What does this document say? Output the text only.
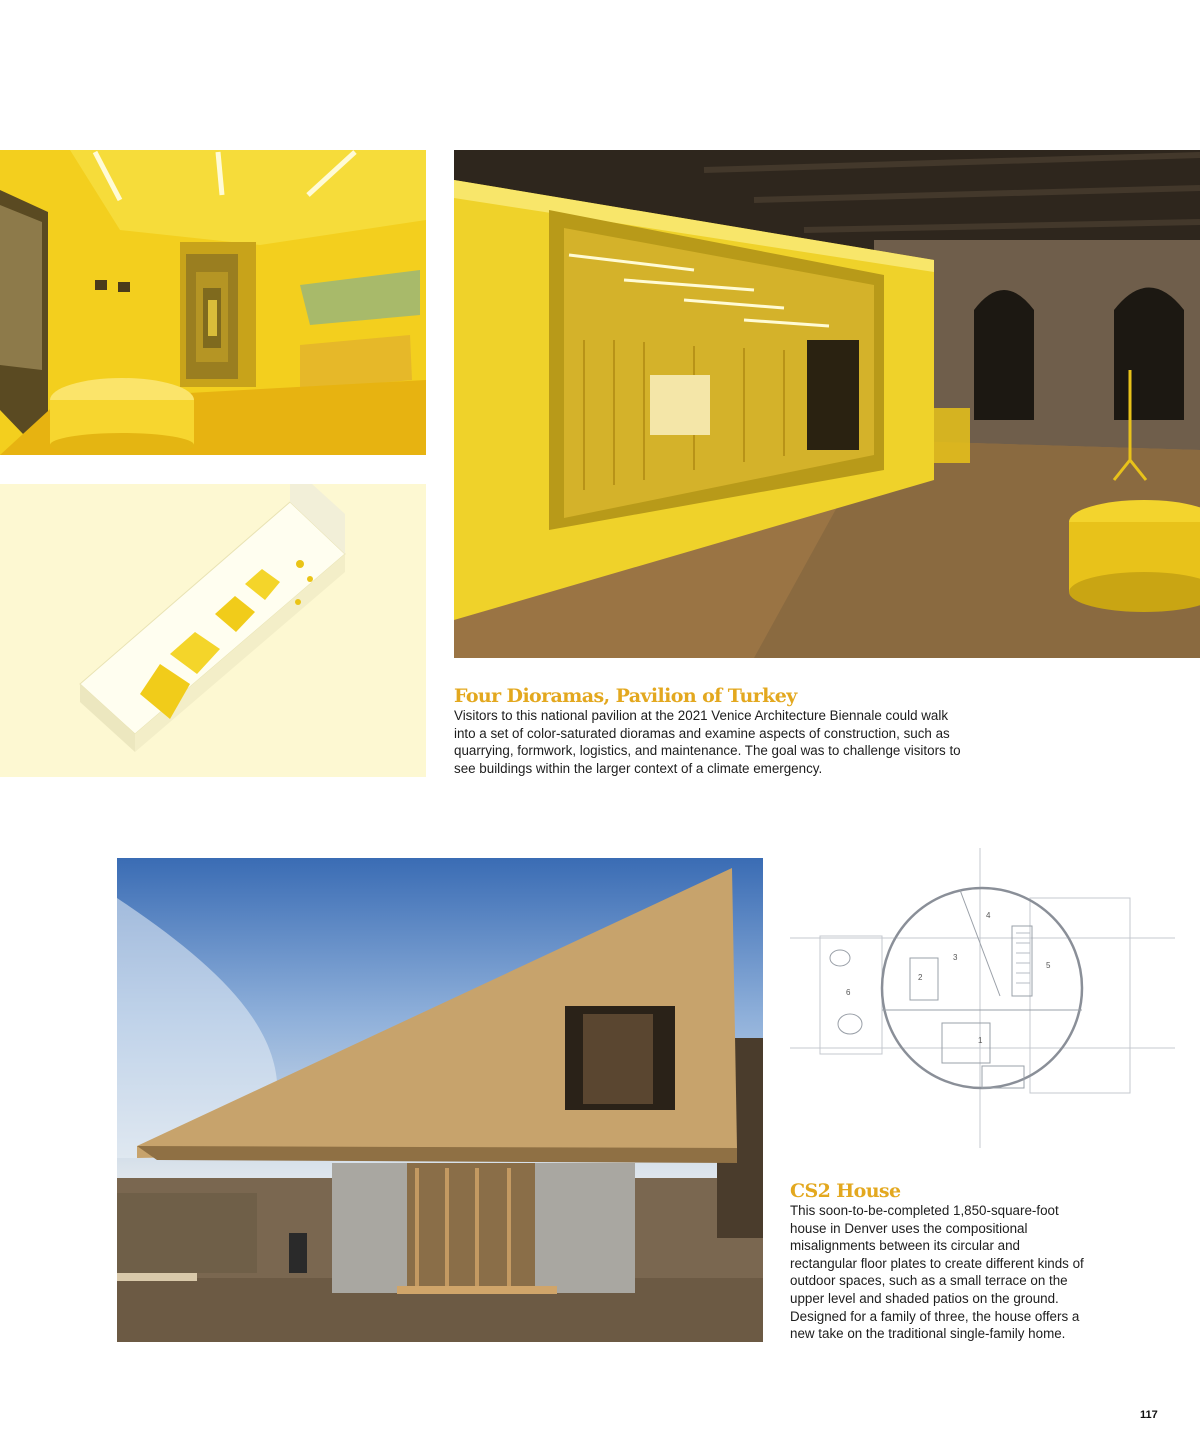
Four Dioramas, Pavilion of Turkey

Visitors to this national pavilion at the 2021 Venice Architecture Biennale could walk
into a set of color-saturated dioramas and examine aspects of construction, such as
quarrying, formwork, logistics, and maintenance. The goal was to challenge visitors to
see buildings within the larger context of a climate emergency.

1
2
3
4
5
6
CS2 House

This soon-to-be-completed 1,850-square-foot
house in Denver uses the compositional
misalignments between its circular and
rectangular floor plates to create different kinds of
outdoor spaces, such as a small terrace on the
upper level and shaded patios on the ground.
Designed for a family of three, the house offers a
new take on the traditional single-family home.

117
